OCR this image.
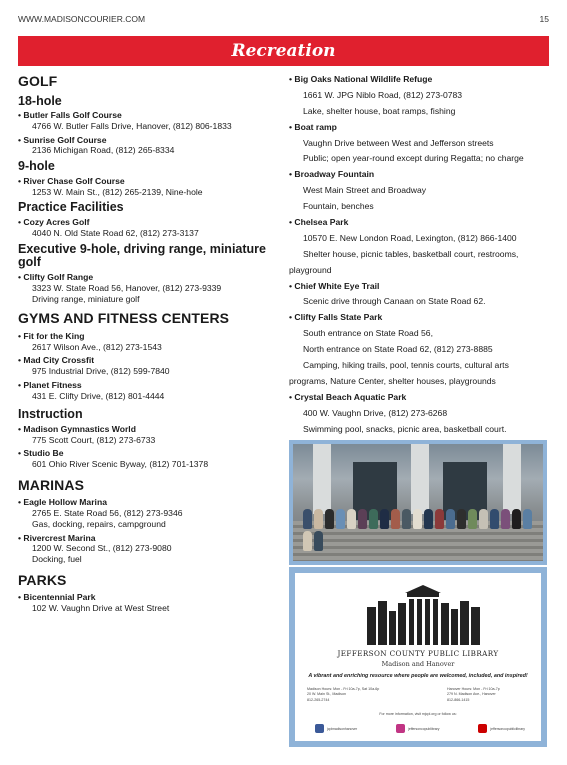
WWW.MADISONCOURIER.COM	15
Recreation
GOLF
18-hole
• Butler Falls Golf Course
4766 W. Butler Falls Drive, Hanover, (812) 806-1833
• Sunrise Golf Course
2136 Michigan Road, (812) 265-8334
9-hole
• River Chase Golf Course
1253 W. Main St., (812) 265-2139, Nine-hole
Practice Facilities
• Cozy Acres Golf
4040 N. Old State Road 62, (812) 273-3137
Executive 9-hole, driving range, miniature golf
• Clifty Golf Range
3323 W. State Road 56, Hanover, (812) 273-9339
Driving range, miniature golf
GYMS AND FITNESS CENTERS
• Fit for the King
2617 Wilson Ave., (812) 273-1543
• Mad City Crossfit
975 Industrial Drive, (812) 599-7840
• Planet Fitness
431 E. Clifty Drive, (812) 801-4444
Instruction
• Madison Gymnastics World
775 Scott Court, (812) 273-6733
• Studio Be
601 Ohio River Scenic Byway, (812) 701-1378
MARINAS
• Eagle Hollow Marina
2765 E. State Road 56, (812) 273-9346
Gas, docking, repairs, campground
• Rivercrest Marina
1200 W. Second St., (812) 273-9080
Docking, fuel
PARKS
• Bicentennial Park
102 W. Vaughn Drive at West Street
• Big Oaks National Wildlife Refuge
1661 W. JPG Niblo Road, (812) 273-0783
Lake, shelter house, boat ramps, fishing
• Boat ramp
Vaughn Drive between West and Jefferson streets
Public; open year-round except during Regatta; no charge
• Broadway Fountain
West Main Street and Broadway
Fountain, benches
• Chelsea Park
10570 E. New London Road, Lexington, (812) 866-1400
Shelter house, picnic tables, basketball court, restrooms,
playground
• Chief White Eye Trail
Scenic drive through Canaan on State Road 62.
• Clifty Falls State Park
South entrance on State Road 56,
North entrance on State Road 62, (812) 273-8885
Camping, hiking trails, pool, tennis courts, cultural arts
programs, Nature Center, shelter houses, playgrounds
• Crystal Beach Aquatic Park
400 W. Vaughn Drive, (812) 273-6268
Swimming pool, snacks, picnic area, basketball court.
JEFFERSON COUNTY PUBLIC LIBRARY
Madison and Hanover
A vibrant and enriching resource where people are welcomed, included, and inspired!
Madison Hours: Mon - Fri 10a-7p, Sat 10a-6p
20 W. Main St., Madison
812-265-2744
Hanover Hours: Mon - Fri 10a-7p
279 N. Madison Ave., Hanover
812-866-1415
For more information, visit mjcpl.org or follow us:
jcplmadisonhanover	jeffersoncopublibrary	jeffersoncopubliclibrary
